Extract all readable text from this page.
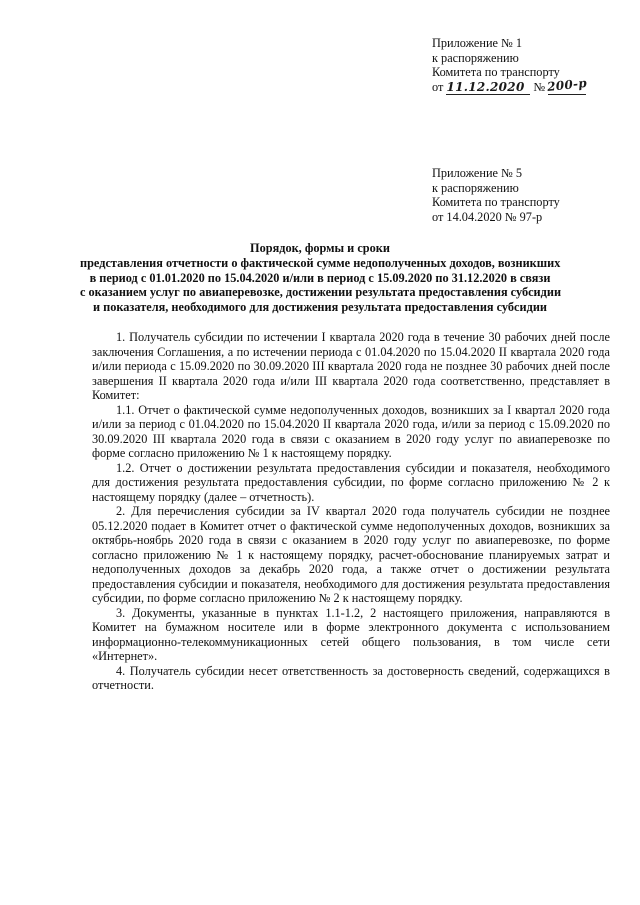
Приложение № 1
к распоряжению
Комитета по транспорту
от 11.12.2020 № 200-р
Приложение № 5
к распоряжению
Комитета по транспорту
от 14.04.2020 № 97-р
Порядок, формы и сроки
представления отчетности о фактической сумме недополученных доходов, возникших
в период с 01.01.2020 по 15.04.2020 и/или в период с 15.09.2020 по 31.12.2020 в связи
с оказанием услуг по авиаперевозке, достижении результата предоставления субсидии
и показателя, необходимого для достижения результата предоставления субсидии

1. Получатель субсидии по истечении I квартала 2020 года в течение 30 рабочих дней после заключения Соглашения, а по истечении периода с 01.04.2020 по 15.04.2020 II квартала 2020 года и/или периода с 15.09.2020 по 30.09.2020 III квартала 2020 года не позднее 30 рабочих дней после завершения II квартала 2020 года и/или III квартала 2020 года соответственно, представляет в Комитет:

1.1. Отчет о фактической сумме недополученных доходов, возникших за I квартал 2020 года и/или за период с 01.04.2020 по 15.04.2020 II квартала 2020 года, и/или за период с 15.09.2020 по 30.09.2020 III квартала 2020 года в связи с оказанием в 2020 году услуг по авиаперевозке по форме согласно приложению № 1 к настоящему порядку.

1.2. Отчет о достижении результата предоставления субсидии и показателя, необходимого для достижения результата предоставления субсидии, по форме согласно приложению № 2 к настоящему порядку (далее – отчетность).

2. Для перечисления субсидии за IV квартал 2020 года получатель субсидии не позднее 05.12.2020 подает в Комитет отчет о фактической сумме недополученных доходов, возникших за октябрь-ноябрь 2020 года в связи с оказанием в 2020 году услуг по авиаперевозке, по форме согласно приложению № 1 к настоящему порядку, расчет-обоснование планируемых затрат и недополученных доходов за декабрь 2020 года, а также отчет о достижении результата предоставления субсидии и показателя, необходимого для достижения результата предоставления субсидии, по форме согласно приложению № 2 к настоящему порядку.

3. Документы, указанные в пунктах 1.1-1.2, 2 настоящего приложения, направляются в Комитет на бумажном носителе или в форме электронного документа с использованием информационно-телекоммуникационных сетей общего пользования, в том числе сети «Интернет».

4. Получатель субсидии несет ответственность за достоверность сведений, содержащихся в отчетности.
